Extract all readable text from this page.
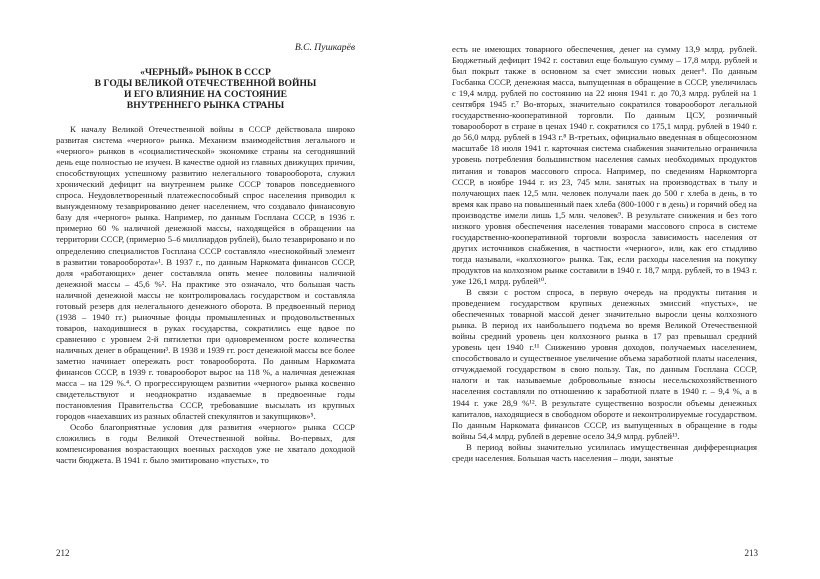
В.С. Пушкарёв

«ЧЕРНЫЙ» РЫНОК В СССР
В ГОДЫ ВЕЛИКОЙ ОТЕЧЕСТВЕННОЙ ВОЙНЫ
И ЕГО ВЛИЯНИЕ НА СОСТОЯНИЕ
ВНУТРЕННЕГО РЫНКА СТРАНЫ

К началу Великой Отечественной войны в СССР действовала широко развитая система «черного» рынка. Механизм взаимодействия легального и «черного» рынков в «социалистической» экономике страны на сегодняшний день еще полностью не изучен. В качестве одной из главных движущих причин, способствующих успешному развитию нелегального товарооборота, служил хронический дефицит на внутреннем рынке СССР товаров повседневного спроса. Неудовлетворенный платежеспособный спрос населения приводил к вынужденному тезаврированию денег населением, что создавало финансовую базу для «черного» рынка. Например, по данным Госплана СССР, в 1936 г. примерно 60 % наличной денежной массы, находящейся в обращении на территории СССР, (примерно 5–6 миллиардов рублей), было тезаврировано и по определению специалистов Госплана СССР составляло «неснокойный элемент в развитии товарооборота»¹. В 1937 г., по данным Наркомата финансов СССР, доля «работающих» денег составляла опять менее половины наличной денежной массы – 45,6 %². На практике это означало, что большая часть наличной денежной массы не контролировалась государством и составляла готовый резерв для нелегального денежного оборота. В предвоенный период (1938 – 1940 гг.) рыночные фонды промышленных и продовольственных товаров, находившиеся в руках государства, сократились еще вдвое по сравнению с уровнем 2-й пятилетки при одновременном росте количества наличных денег в обращении³. В 1938 и 1939 гг. рост денежной массы все более заметно начинает опережать рост товарооборота. По данным Наркомата финансов СССР, в 1939 г. товарооборот вырос на 118 %, а наличная денежная масса – на 129 %.⁴. О прогрессирующем развитии «черного» рынка косвенно свидетельствуют и неоднократно издаваемые в предвоенные годы постановления Правительства СССР, требовавшие высылать из крупных городов «наехавших из разных областей спекулянтов и закупщиков»⁵.

Особо благоприятные условия для развития «черного» рынка СССР сложились в годы Великой Отечественной войны. Во-первых, для компенсирования возрастающих военных расходов уже не хватало доходной части бюджета. В 1941 г. было эмитировано «пустых», то

212

есть не имеющих товарного обеспечения, денег на сумму 13,9 млрд. рублей. Бюджетный дефицит 1942 г. составил еще большую сумму – 17,8 млрд. рублей и был покрыт также в основном за счет эмиссии новых денег⁶. По данным Госбанка СССР, денежная масса, выпущенная в обращение в СССР, увеличилась с 19,4 млрд. рублей по состоянию на 22 июня 1941 г. до 70,3 млрд. рублей на 1 сентября 1945 г.⁷ Во-вторых, значительно сократился товарооборот легальной государственно-кооперативной торговли. По данным ЦСУ, розничный товарооборот в стране в ценах 1940 г. сократился со 175,1 млрд. рублей в 1940 г. до 56,0 млрд. рублей в 1943 г.⁸ В-третьих, официально введенная в общесоюзном масштабе 18 июля 1941 г. карточная система снабжения значительно ограничила уровень потребления большинством населения самых необходимых продуктов питания и товаров массового спроса. Например, по сведениям Наркомторга СССР, в ноябре 1944 г. из 23, 745 млн. занятых на производствах в тылу и получающих паек 12,5 млн. человек получали паек до 500 г хлеба в день, в то время как право на повышенный паек хлеба (800-1000 г в день) и горячий обед на производстве имели лишь 1,5 млн. человек⁹. В результате снижения и без того низкого уровня обеспечения населения товарами массового спроса в системе государственно-кооперативной торговли возросла зависимость населения от других источников снабжения, в частности «черного», или, как его стыдливо тогда называли, «колхозного» рынка. Так, если расходы населения на покупку продуктов на колхозном рынке составили в 1940 г. 18,7 млрд. рублей, то в 1943 г. уже 126,1 млрд. рублей¹⁰.

В связи с ростом спроса, в первую очередь на продукты питания и проведением государством крупных денежных эмиссий «пустых», не обеспеченных товарной массой денег значительно выросли цены колхозного рынка. В период их наибольшего подъема во время Великой Отечественной войны средний уровень цен колхозного рынка в 17 раз превышал средний уровень цен 1940 г.¹¹ Снижению уровня доходов, получаемых населением, способствовало и существенное увеличение объема заработной платы населения, отчуждаемой государством в свою пользу. Так, по данным Госплана СССР, налоги и так называемые добровольные взносы несельскохозяйственного населения составляли по отношению к заработной плате в 1940 г. – 9,4 %, а в 1944 г. уже 28,9 %¹². В результате существенно возросли объемы денежных капиталов, находящиеся в свободном обороте и неконтролируемые государством. По данным Наркомата финансов СССР, из выпущенных в обращение в годы войны 54,4 млрд. рублей в деревне осело 34,9 млрд. рублей¹³.

В период войны значительно усилилась имущественная дифференциация среди населения. Большая часть населения – люди, занятые

213
